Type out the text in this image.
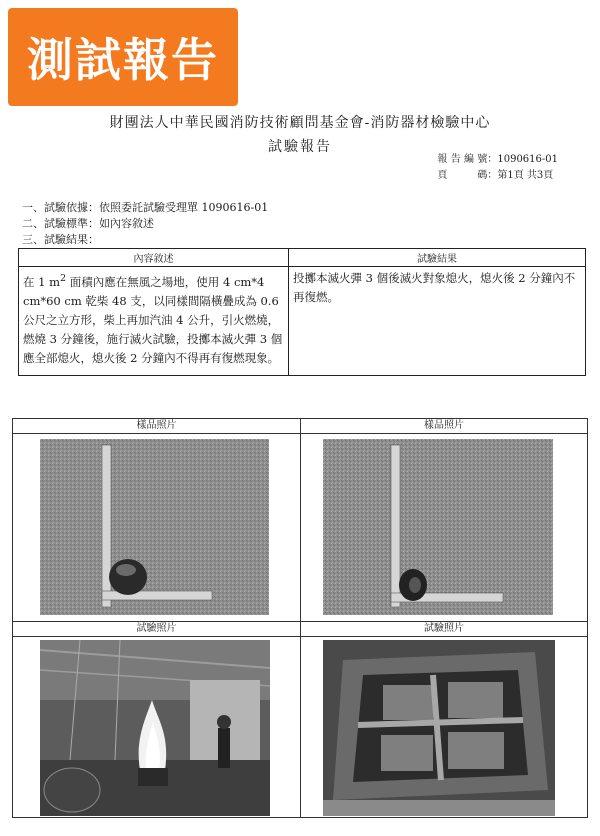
測試報告
財團法人中華民國消防技術顧問基金會-消防器材檢驗中心
試驗報告
報告編號：1090616-01
頁碼：第1頁 共3頁
一、試驗依據：依照委託試驗受理單 1090616-01
二、試驗標準：如內容敘述
三、試驗結果：
內容敘述	試驗結果
在 1 $m^2$ 面積內應在無風之場地，使用 4 cm*4 cm*60 cm 乾柴 48 支，以同樣間隔橫疊成為 0.6 公尺之立方形，柴上再加汽油 4 公升，引火燃燒，燃燒 3 分鐘後，施行滅火試驗，投擲本滅火彈 3 個應全部熄火，熄火後 2 分鐘內不得再有復燃現象。	投擲本滅火彈 3 個後滅火對象熄火，熄火後 2 分鐘內不再復燃。
樣品照片	樣品照片
試驗照片	試驗照片
